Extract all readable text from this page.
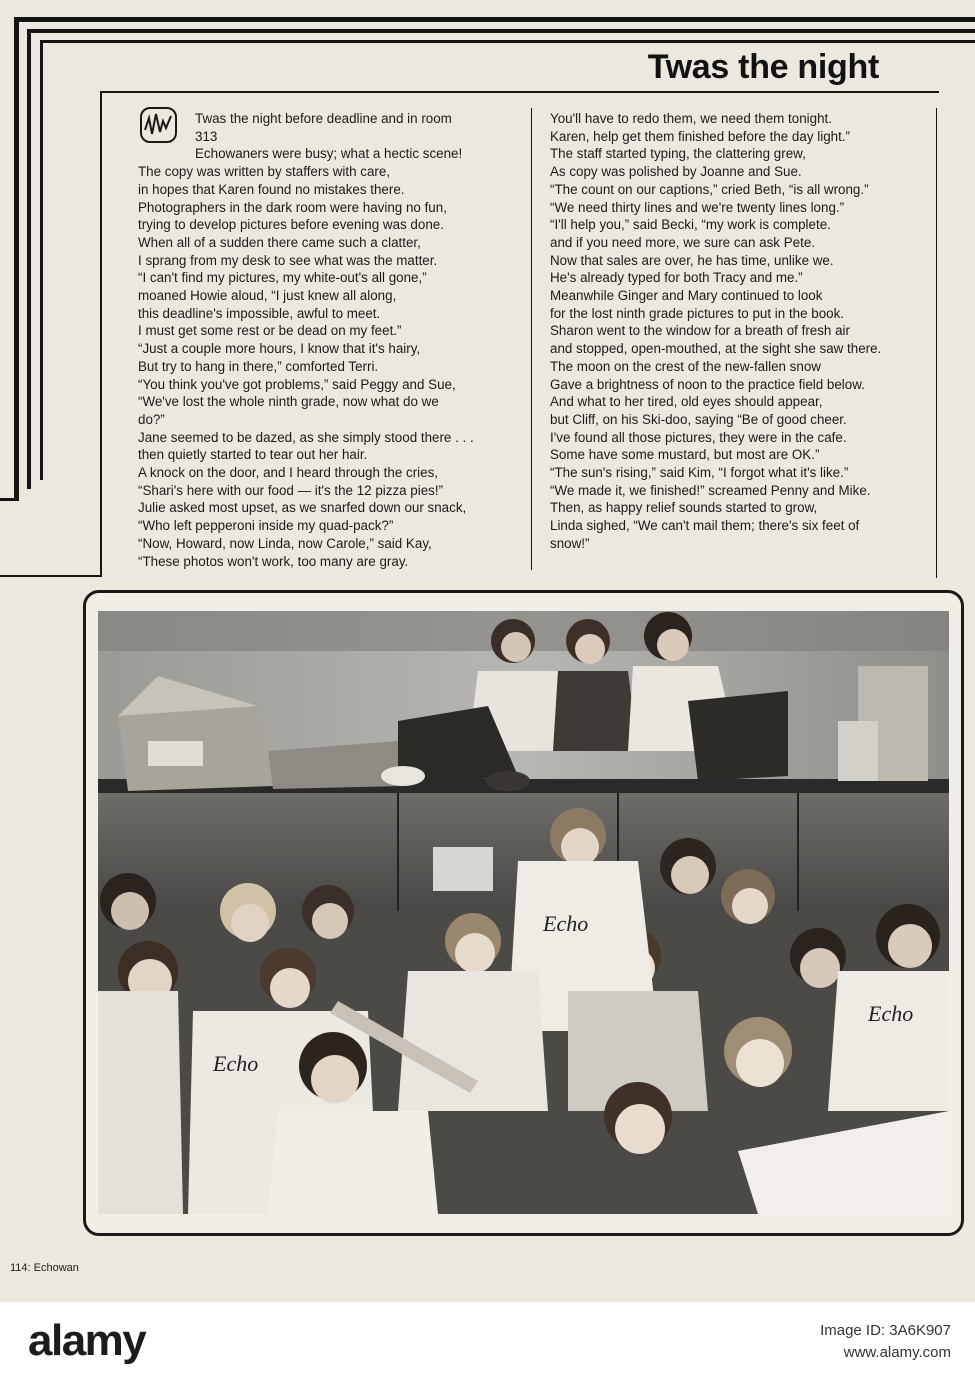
Twas the night

Twas the night before deadline and in room

313

Echowaners were busy; what a hectic scene!

The copy was written by staffers with care,

in hopes that Karen found no mistakes there.

Photographers in the dark room were having no fun,

trying to develop pictures before evening was done.

When all of a sudden there came such a clatter,

I sprang from my desk to see what was the matter.

“I can't find my pictures, my white-out's all gone,”

moaned Howie aloud, “I just knew all along,

this deadline's impossible, awful to meet.

I must get some rest or be dead on my feet.”

“Just a couple more hours, I know that it's hairy,

But try to hang in there,” comforted Terri.

“You think you've got problems,” said Peggy and Sue,

“We've lost the whole ninth grade, now what do we

do?”

Jane seemed to be dazed, as she simply stood there . . .

then quietly started to tear out her hair.

A knock on the door, and I heard through the cries,

“Shari's here with our food — it's the 12 pizza pies!”

Julie asked most upset, as we snarfed down our snack,

“Who left pepperoni inside my quad-pack?”

“Now, Howard, now Linda, now Carole,” said Kay,

“These photos won't work, too many are gray.

You'll have to redo them, we need them tonight.

Karen, help get them finished before the day light.”

The staff started typing, the clattering grew,

As copy was polished by Joanne and Sue.

“The count on our captions,” cried Beth, “is all wrong.”

“We need thirty lines and we're twenty lines long.”

“I'll help you,” said Becki, “my work is complete.

and if you need more, we sure can ask Pete.

Now that sales are over, he has time, unlike we.

He's already typed for both Tracy and me.”

Meanwhile Ginger and Mary continued to look

for the lost ninth grade pictures to put in the book.

Sharon went to the window for a breath of fresh air

and stopped, open-mouthed, at the sight she saw there.

The moon on the crest of the new-fallen snow

Gave a brightness of noon to the practice field below.

And what to her tired, old eyes should appear,

but Cliff, on his Ski-doo, saying “Be of good cheer.

I've found all those pictures, they were in the cafe.

Some have some mustard, but most are OK.”

“The sun's rising,” said Kim, “I forgot what it's like.”

“We made it, we finished!” screamed Penny and Mike.

Then, as happy relief sounds started to grow,

Linda sighed, “We can't mail them; there's six feet of

snow!”

Echo
Echo
Echo
114: Echowan
alamy	Image ID: 3A6K907
www.alamy.com
